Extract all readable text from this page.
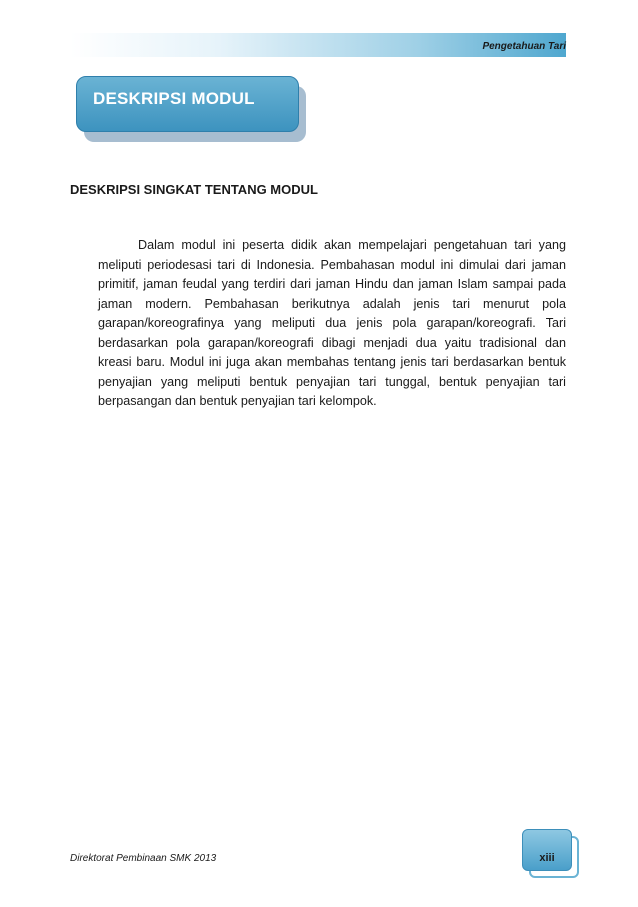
Pengetahuan Tari
DESKRIPSI MODUL
DESKRIPSI SINGKAT TENTANG MODUL

Dalam modul ini peserta didik akan mempelajari pengetahuan tari yang meliputi periodesasi tari di Indonesia. Pembahasan modul ini dimulai dari jaman primitif, jaman feudal yang terdiri dari jaman Hindu dan jaman Islam sampai pada jaman modern. Pembahasan berikutnya adalah jenis tari menurut pola garapan/koreografinya yang meliputi dua jenis pola garapan/koreografi. Tari berdasarkan pola garapan/koreografi dibagi menjadi dua yaitu tradisional dan kreasi baru. Modul ini juga akan membahas tentang jenis tari berdasarkan bentuk penyajian yang meliputi bentuk penyajian tari tunggal, bentuk penyajian tari berpasangan dan bentuk penyajian tari kelompok.

Direktorat Pembinaan SMK 2013	xiii
